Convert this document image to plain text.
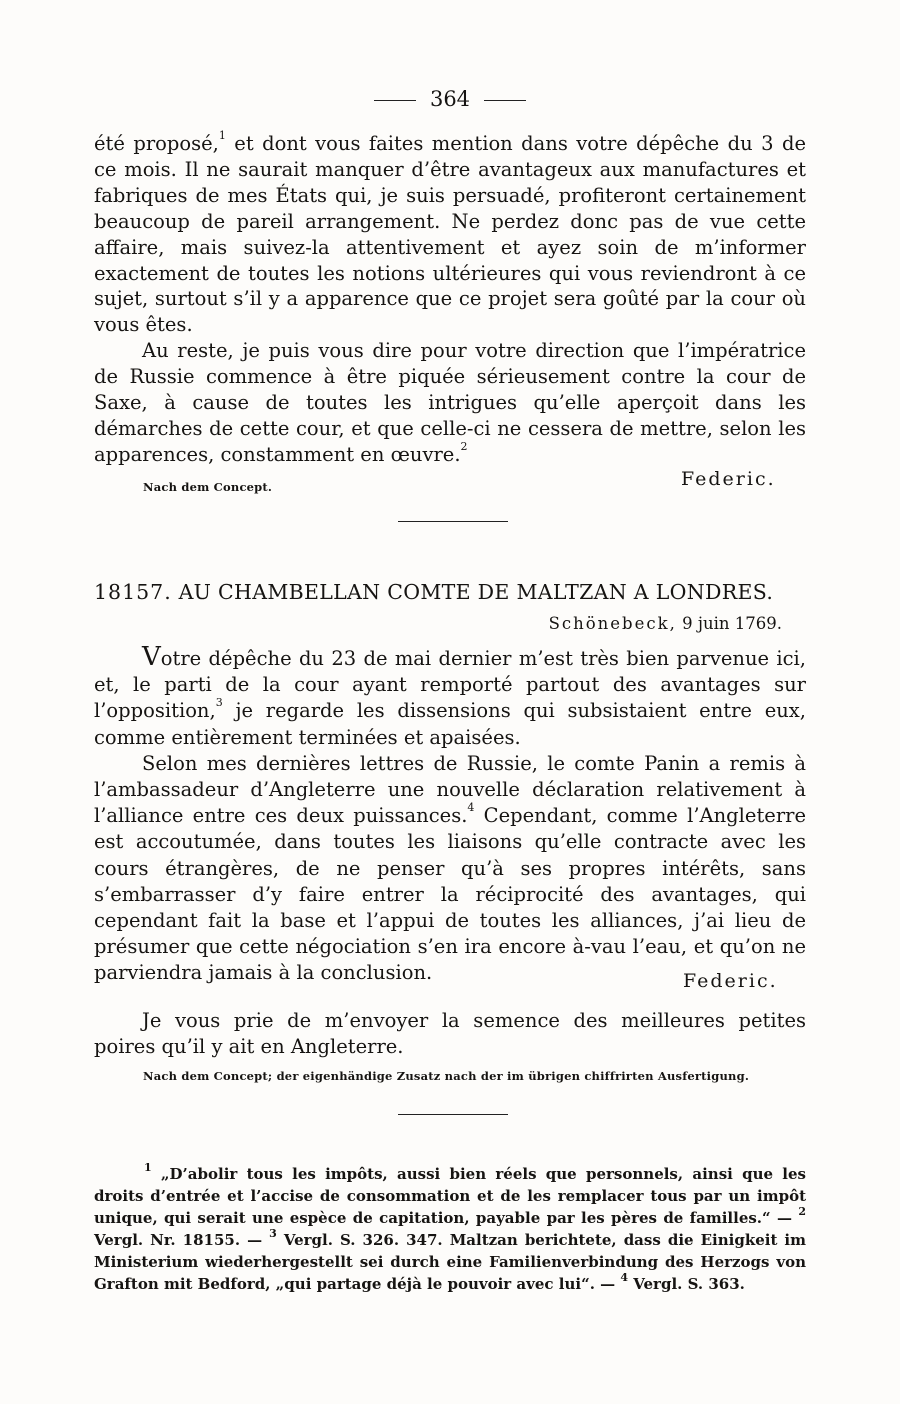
364

été proposé,$^1$ et dont vous faites mention dans votre dépêche du 3 de ce mois. Il ne saurait manquer d’être avantageux aux manufactures et fabriques de mes États qui, je suis persuadé, profiteront certainement beaucoup de pareil arrangement. Ne perdez donc pas de vue cette affaire, mais suivez-la attentivement et ayez soin de m’informer exactement de toutes les notions ultérieures qui vous reviendront à ce sujet, surtout s’il y a apparence que ce projet sera goûté par la cour où vous êtes.

Au reste, je puis vous dire pour votre direction que l’impératrice de Russie commence à être piquée sérieusement contre la cour de Saxe, à cause de toutes les intrigues qu’elle aperçoit dans les démarches de cette cour, et que celle-ci ne cessera de mettre, selon les apparences, constamment en œuvre.$^2$

Nach dem Concept.	Federic.
18157. AU CHAMBELLAN COMTE DE MALTZAN A LONDRES.
Schönebeck, 9 juin 1769.

Votre dépêche du 23 de mai dernier m’est très bien parvenue ici, et, le parti de la cour ayant remporté partout des avantages sur l’opposition,$^3$ je regarde les dissensions qui subsistaient entre eux, comme entièrement terminées et apaisées.

Selon mes dernières lettres de Russie, le comte Panin a remis à l’ambassadeur d’Angleterre une nouvelle déclaration relativement à l’alliance entre ces deux puissances.$^4$ Cependant, comme l’Angleterre est accoutumée, dans toutes les liaisons qu’elle contracte avec les cours étrangères, de ne penser qu’à ses propres intérêts, sans s’embarrasser d’y faire entrer la réciprocité des avantages, qui cependant fait la base et l’appui de toutes les alliances, j’ai lieu de présumer que cette négociation s’en ira encore à-vau l’eau, et qu’on ne parviendra jamais à la conclusion.	Federic.

Je vous prie de m’envoyer la semence des meilleures petites poires qu’il y ait en Angleterre.

Nach dem Concept; der eigenhändige Zusatz nach der im übrigen chiffrirten Ausfertigung.

$^1$ „D’abolir tous les impôts, aussi bien réels que personnels, ainsi que les droits d’entrée et l’accise de consommation et de les remplacer tous par un impôt unique, qui serait une espèce de capitation, payable par les pères de familles.“ — $^2$ Vergl. Nr. 18155. — $^3$ Vergl. S. 326. 347. Maltzan berichtete, dass die Einigkeit im Ministerium wiederhergestellt sei durch eine Familienverbindung des Herzogs von Grafton mit Bedford, „qui partage déjà le pouvoir avec lui“. — $^4$ Vergl. S. 363.
